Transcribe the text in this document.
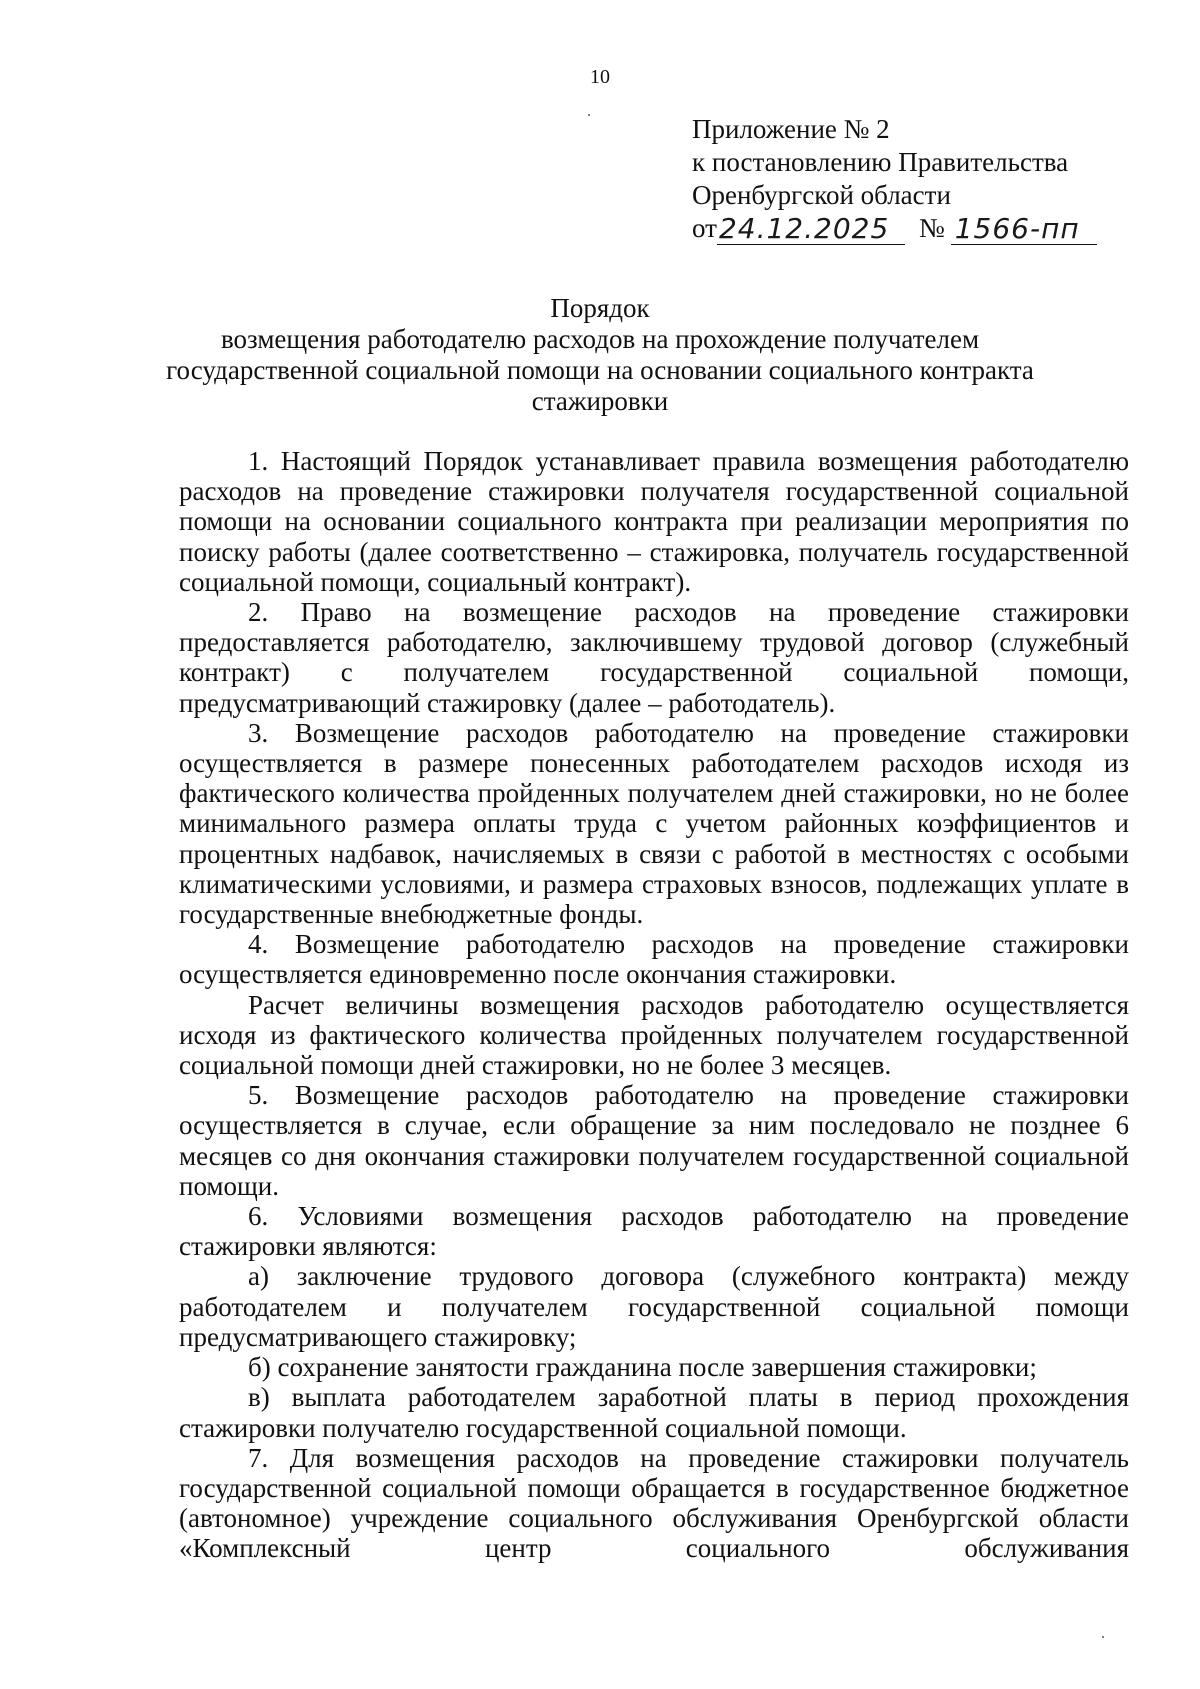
10
Приложение № 2
к постановлению Правительства
Оренбургской области
от 24.12.2025	№ 1566-пп
Порядок
возмещения работодателю расходов на прохождение получателем государственной социальной помощи на основании социального контракта стажировки

1. Настоящий Порядок устанавливает правила возмещения работодателю расходов на проведение стажировки получателя государственной социальной помощи на основании социального контракта при реализации мероприятия по поиску работы (далее соответственно – стажировка, получатель государственной социальной помощи, социальный контракт).

2. Право на возмещение расходов на проведение стажировки предоставляется работодателю, заключившему трудовой договор (служебный контракт) с получателем государственной социальной помощи, предусматривающий стажировку (далее – работодатель).

3. Возмещение расходов работодателю на проведение стажировки осуществляется в размере понесенных работодателем расходов исходя из фактического количества пройденных получателем дней стажировки, но не более минимального размера оплаты труда с учетом районных коэффициентов и процентных надбавок, начисляемых в связи с работой в местностях с особыми климатическими условиями, и размера страховых взносов, подлежащих уплате в государственные внебюджетные фонды.

4. Возмещение работодателю расходов на проведение стажировки осуществляется единовременно после окончания стажировки.

Расчет величины возмещения расходов работодателю осуществляется исходя из фактического количества пройденных получателем государственной социальной помощи дней стажировки, но не более 3 месяцев.

5. Возмещение расходов работодателю на проведение стажировки осуществляется в случае, если обращение за ним последовало не позднее 6 месяцев со дня окончания стажировки получателем государственной социальной помощи.

6. Условиями возмещения расходов работодателю на проведение стажировки являются:

а) заключение трудового договора (служебного контракта) между работодателем и получателем государственной социальной помощи предусматривающего стажировку;

б) сохранение занятости гражданина после завершения стажировки;

в) выплата работодателем заработной платы в период прохождения стажировки получателю государственной социальной помощи.

7. Для возмещения расходов на проведение стажировки получатель государственной социальной помощи обращается в государственное бюджетное (автономное) учреждение социального обслуживания Оренбургской области «Комплексный центр социального обслуживания
